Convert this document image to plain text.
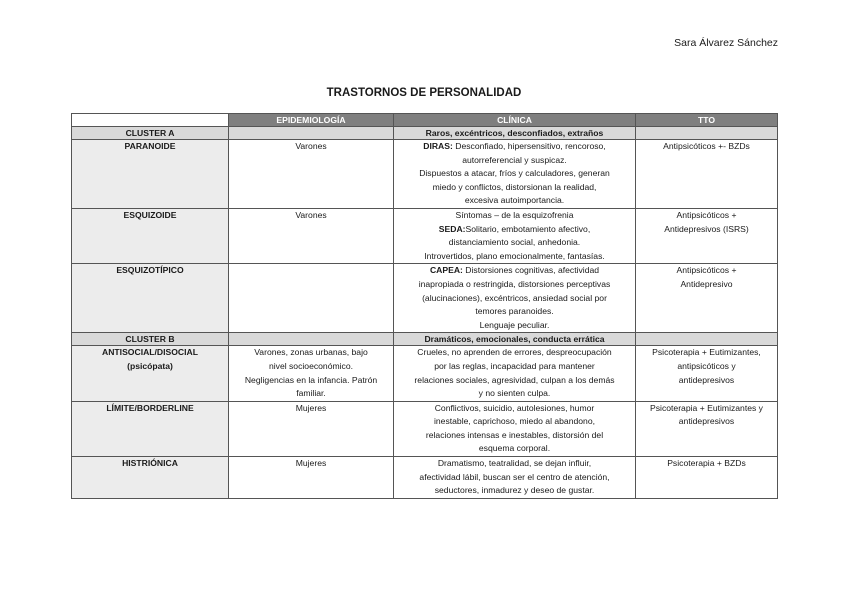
Sara Álvarez Sánchez
TRASTORNOS DE PERSONALIDAD
	EPIDEMIOLOGÍA	CLÍNICA	TTO
CLUSTER A		Raros, excéntricos, desconfiados, extraños	
PARANOIDE	Varones	DIRAS: Desconfiado, hipersensitivo, rencoroso,
autorreferencial y suspicaz.
Dispuestos a atacar, fríos y calculadores, generan
miedo y conflictos, distorsionan la realidad,
excesiva autoimportancia.	Antipsicóticos +- BZDs
ESQUIZOIDE	Varones	Síntomas – de la esquizofrenia
SEDA:Solitario, embotamiento afectivo,
distanciamiento social, anhedonia.
Introvertidos, plano emocionalmente, fantasías.	Antipsicóticos +
Antidepresivos (ISRS)

ESQUIZOTÍPICO		CAPEA: Distorsiones cognitivas, afectividad
inapropiada o restringida, distorsiones perceptivas
(alucinaciones), excéntricos, ansiedad social por
temores paranoides.
Lenguaje peculiar.	Antipsicóticos +
Antidepresivo

CLUSTER B		Dramáticos, emocionales, conducta errática	

ANTISOCIAL/DISOCIAL
(psicópata)	Varones, zonas urbanas, bajo
nivel socioeconómico.
Negligencias en la infancia. Patrón
familiar.	Crueles, no aprenden de errores, despreocupación
por las reglas, incapacidad para mantener
relaciones sociales, agresividad, culpan a los demás
y no sienten culpa.	Psicoterapia + Eutimizantes,
antipsicóticos y
antidepresivos

LÍMITE/BORDERLINE	Mujeres	Conflictivos, suicidio, autolesiones, humor
inestable, caprichoso, miedo al abandono,
relaciones intensas e inestables, distorsión del
esquema corporal.	Psicoterapia + Eutimizantes y
antidepresivos

HISTRIÓNICA	Mujeres	Dramatismo, teatralidad, se dejan influir,
afectividad lábil, buscan ser el centro de atención,
seductores, inmadurez y deseo de gustar.	Psicoterapia + BZDs
